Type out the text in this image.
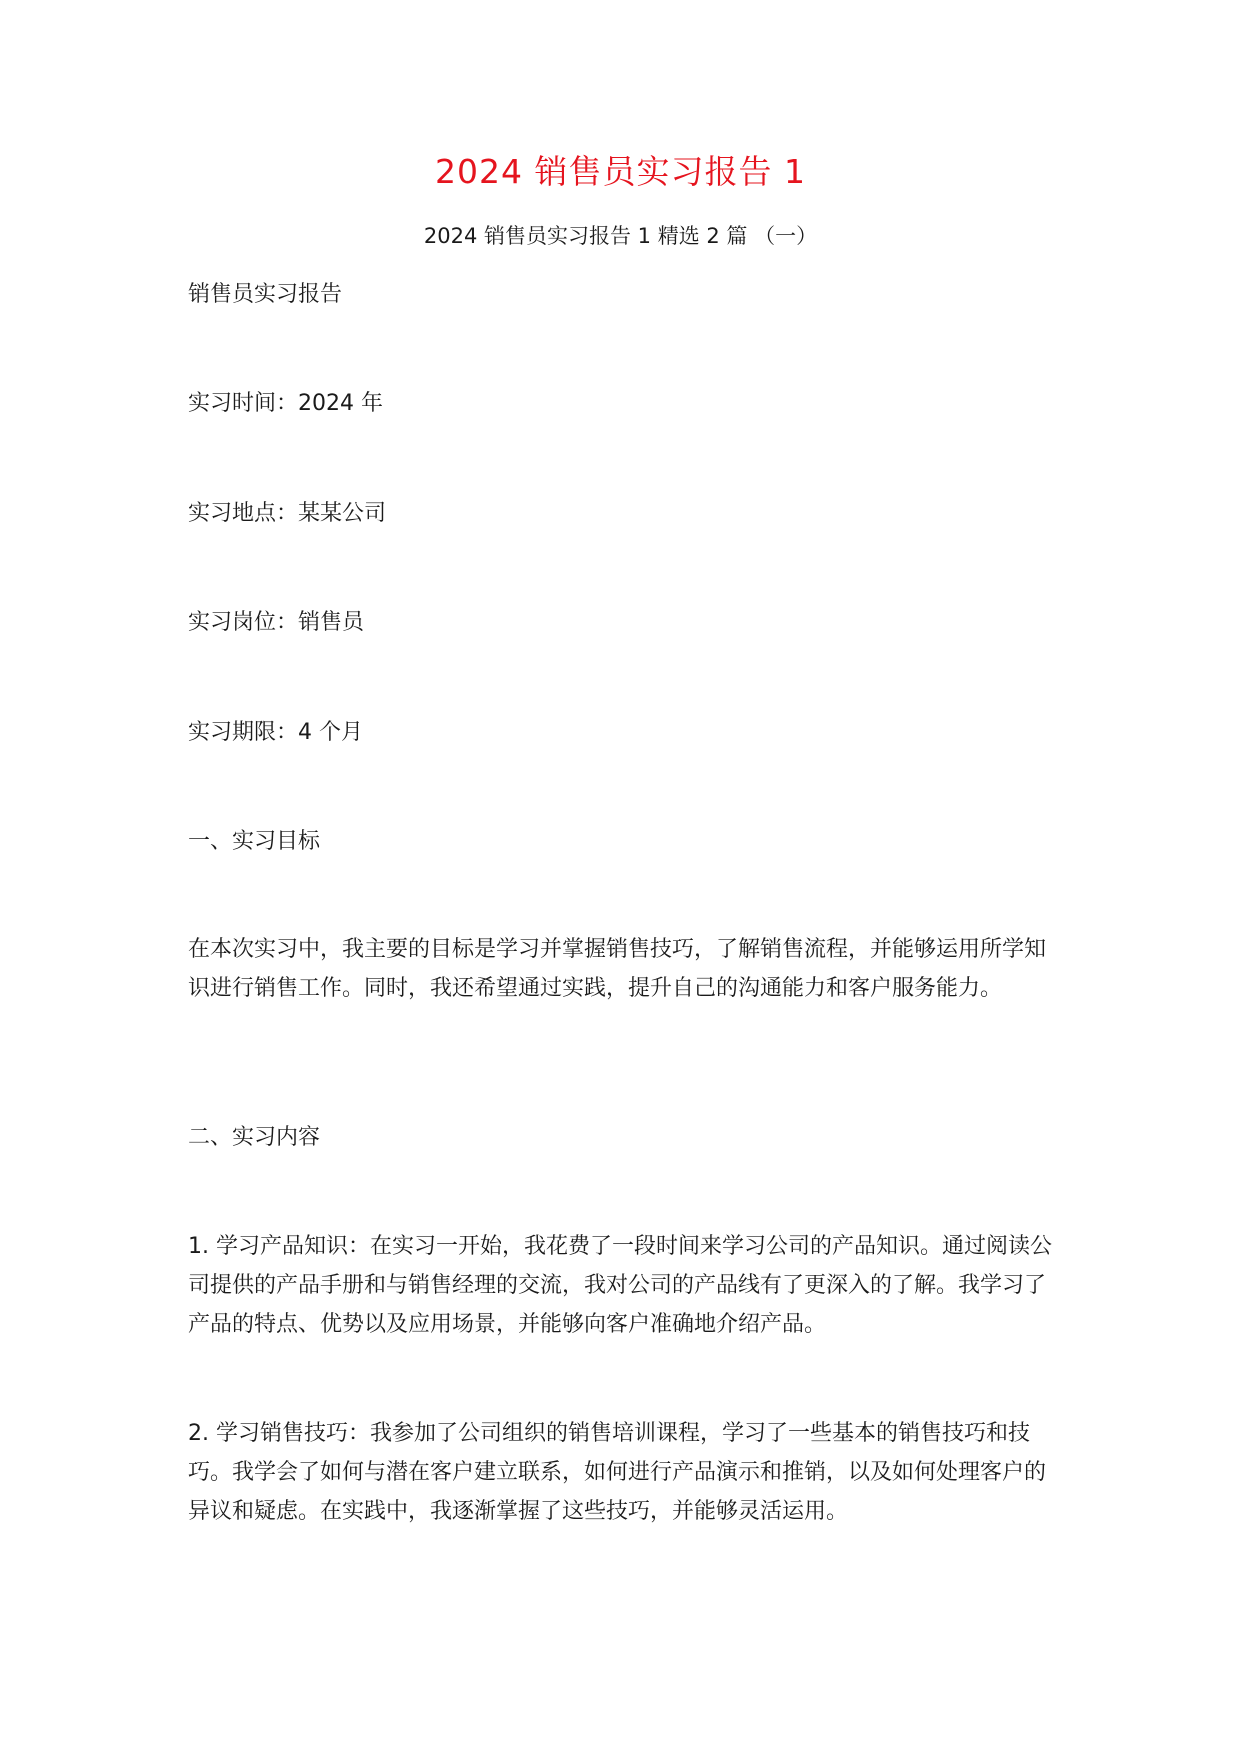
2024 销售员实习报告 1
2024 销售员实习报告 1 精选 2 篇 （一）

销售员实习报告

实习时间：2024 年

实习地点：某某公司

实习岗位：销售员

实习期限：4 个月

一、实习目标

在本次实习中，我主要的目标是学习并掌握销售技巧，了解销售流程，并能够运用所学知识进行销售工作。同时，我还希望通过实践，提升自己的沟通能力和客户服务能力。

二、实习内容

1. 学习产品知识：在实习一开始，我花费了一段时间来学习公司的产品知识。通过阅读公司提供的产品手册和与销售经理的交流，我对公司的产品线有了更深入的了解。我学习了产品的特点、优势以及应用场景，并能够向客户准确地介绍产品。

2. 学习销售技巧：我参加了公司组织的销售培训课程，学习了一些基本的销售技巧和技巧。我学会了如何与潜在客户建立联系，如何进行产品演示和推销，以及如何处理客户的异议和疑虑。在实践中，我逐渐掌握了这些技巧，并能够灵活运用。
